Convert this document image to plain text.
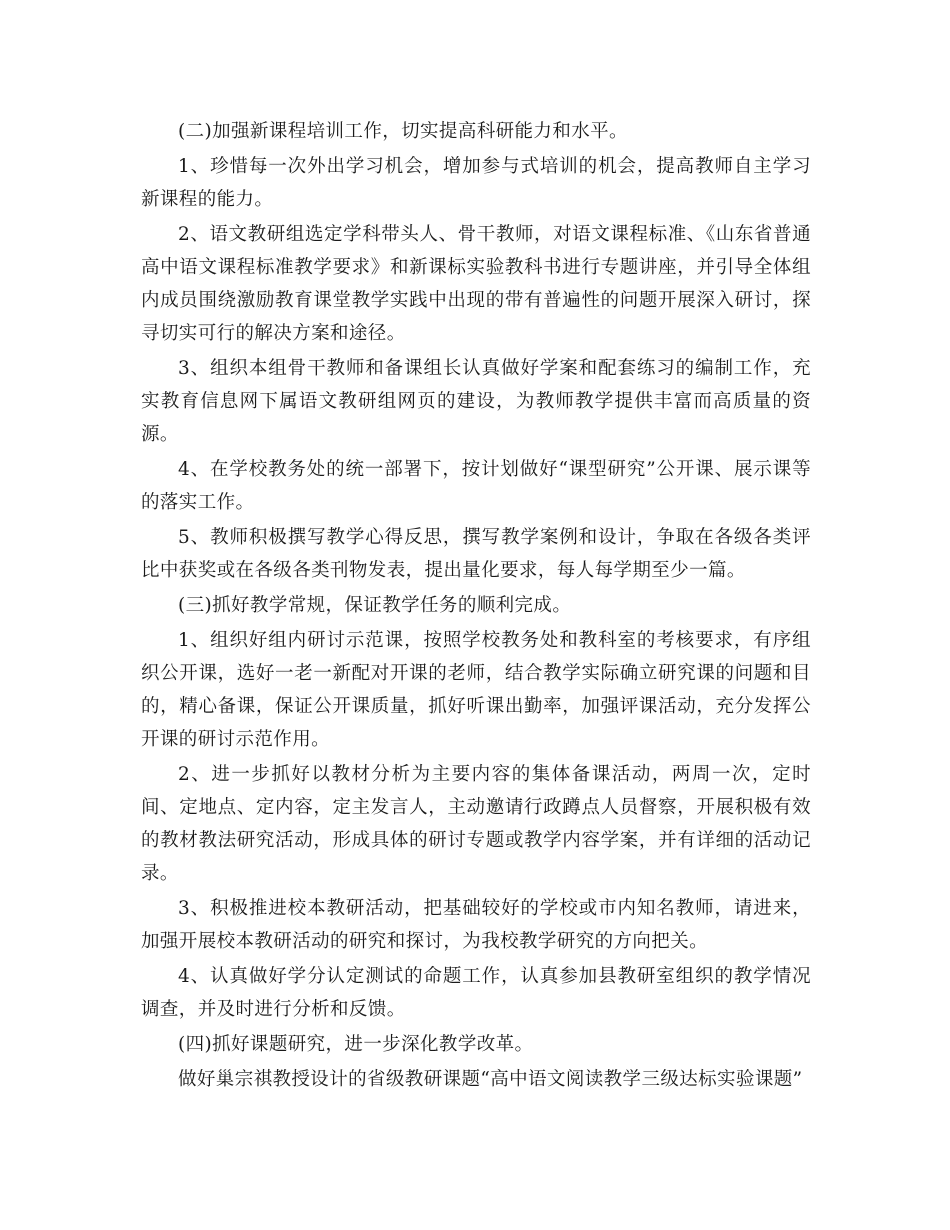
(二)加强新课程培训工作，切实提高科研能力和水平。

1、珍惜每一次外出学习机会，增加参与式培训的机会，提高教师自主学习新课程的能力。

2、语文教研组选定学科带头人、骨干教师，对语文课程标准、《山东省普通高中语文课程标准教学要求》和新课标实验教科书进行专题讲座，并引导全体组内成员围绕激励教育课堂教学实践中出现的带有普遍性的问题开展深入研讨，探寻切实可行的解决方案和途径。

3、组织本组骨干教师和备课组长认真做好学案和配套练习的编制工作，充实教育信息网下属语文教研组网页的建设，为教师教学提供丰富而高质量的资源。

4、在学校教务处的统一部署下，按计划做好“课型研究”公开课、展示课等的落实工作。

5、教师积极撰写教学心得反思，撰写教学案例和设计，争取在各级各类评比中获奖或在各级各类刊物发表，提出量化要求，每人每学期至少一篇。

(三)抓好教学常规，保证教学任务的顺利完成。

1、组织好组内研讨示范课，按照学校教务处和教科室的考核要求，有序组织公开课，选好一老一新配对开课的老师，结合教学实际确立研究课的问题和目的，精心备课，保证公开课质量，抓好听课出勤率，加强评课活动，充分发挥公开课的研讨示范作用。

2、进一步抓好以教材分析为主要内容的集体备课活动，两周一次，定时间、定地点、定内容，定主发言人，主动邀请行政蹲点人员督察，开展积极有效的教材教法研究活动，形成具体的研讨专题或教学内容学案，并有详细的活动记录。

3、积极推进校本教研活动，把基础较好的学校或市内知名教师，请进来，加强开展校本教研活动的研究和探讨，为我校教学研究的方向把关。

4、认真做好学分认定测试的命题工作，认真参加县教研室组织的教学情况调查，并及时进行分析和反馈。

(四)抓好课题研究，进一步深化教学改革。

做好巢宗祺教授设计的省级教研课题“高中语文阅读教学三级达标实验课题”
